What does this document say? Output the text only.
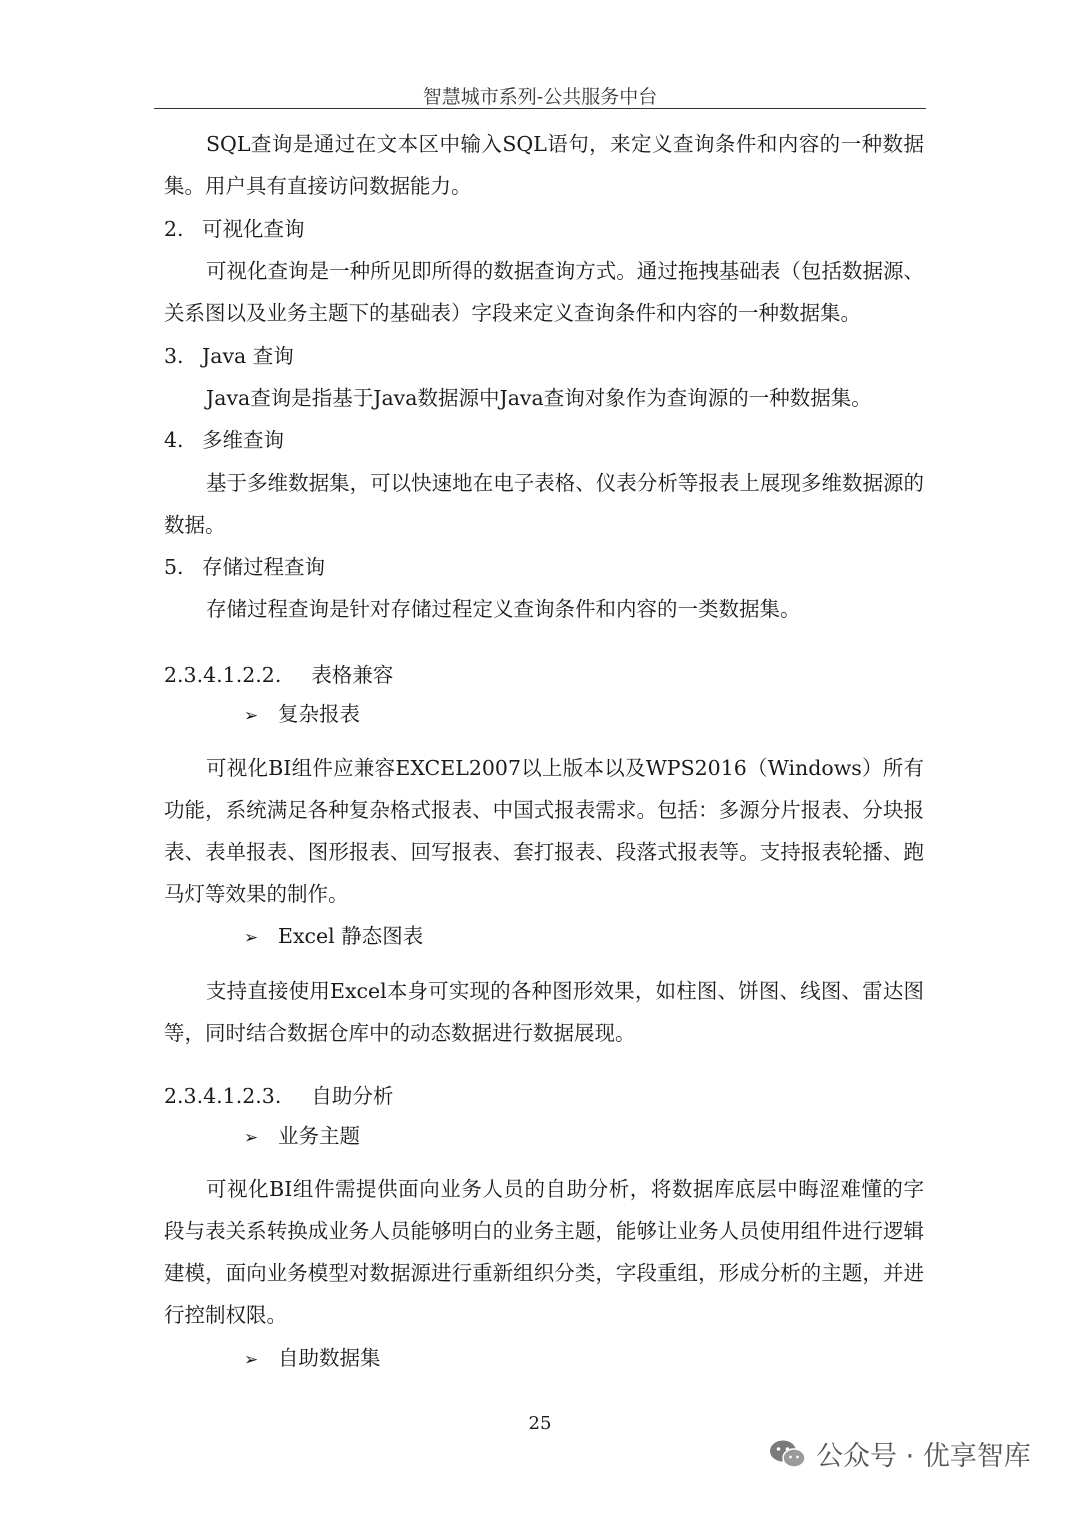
智慧城市系列-公共服务中台

SQL查询是通过在文本区中输入SQL语句，来定义查询条件和内容的一种数据集。用户具有直接访问数据能力。

2. 可视化查询

可视化查询是一种所见即所得的数据查询方式。通过拖拽基础表（包括数据源、关系图以及业务主题下的基础表）字段来定义查询条件和内容的一种数据集。

3. Java 查询

Java查询是指基于Java数据源中Java查询对象作为查询源的一种数据集。

4. 多维查询

基于多维数据集，可以快速地在电子表格、仪表分析等报表上展现多维数据源的数据。

5. 存储过程查询

存储过程查询是针对存储过程定义查询条件和内容的一类数据集。

2.3.4.1.2.2. 表格兼容
➢ 复杂报表

可视化BI组件应兼容EXCEL2007以上版本以及WPS2016（Windows）所有功能，系统满足各种复杂格式报表、中国式报表需求。包括：多源分片报表、分块报表、表单报表、图形报表、回写报表、套打报表、段落式报表等。支持报表轮播、跑马灯等效果的制作。

➢ Excel 静态图表

支持直接使用Excel本身可实现的各种图形效果，如柱图、饼图、线图、雷达图等，同时结合数据仓库中的动态数据进行数据展现。

2.3.4.1.2.3. 自助分析
➢ 业务主题

可视化BI组件需提供面向业务人员的自助分析，将数据库底层中晦涩难懂的字段与表关系转换成业务人员能够明白的业务主题，能够让业务人员使用组件进行逻辑建模，面向业务模型对数据源进行重新组织分类，字段重组，形成分析的主题，并进行控制权限。

➢ 自助数据集
25
公众号 · 优享智库
